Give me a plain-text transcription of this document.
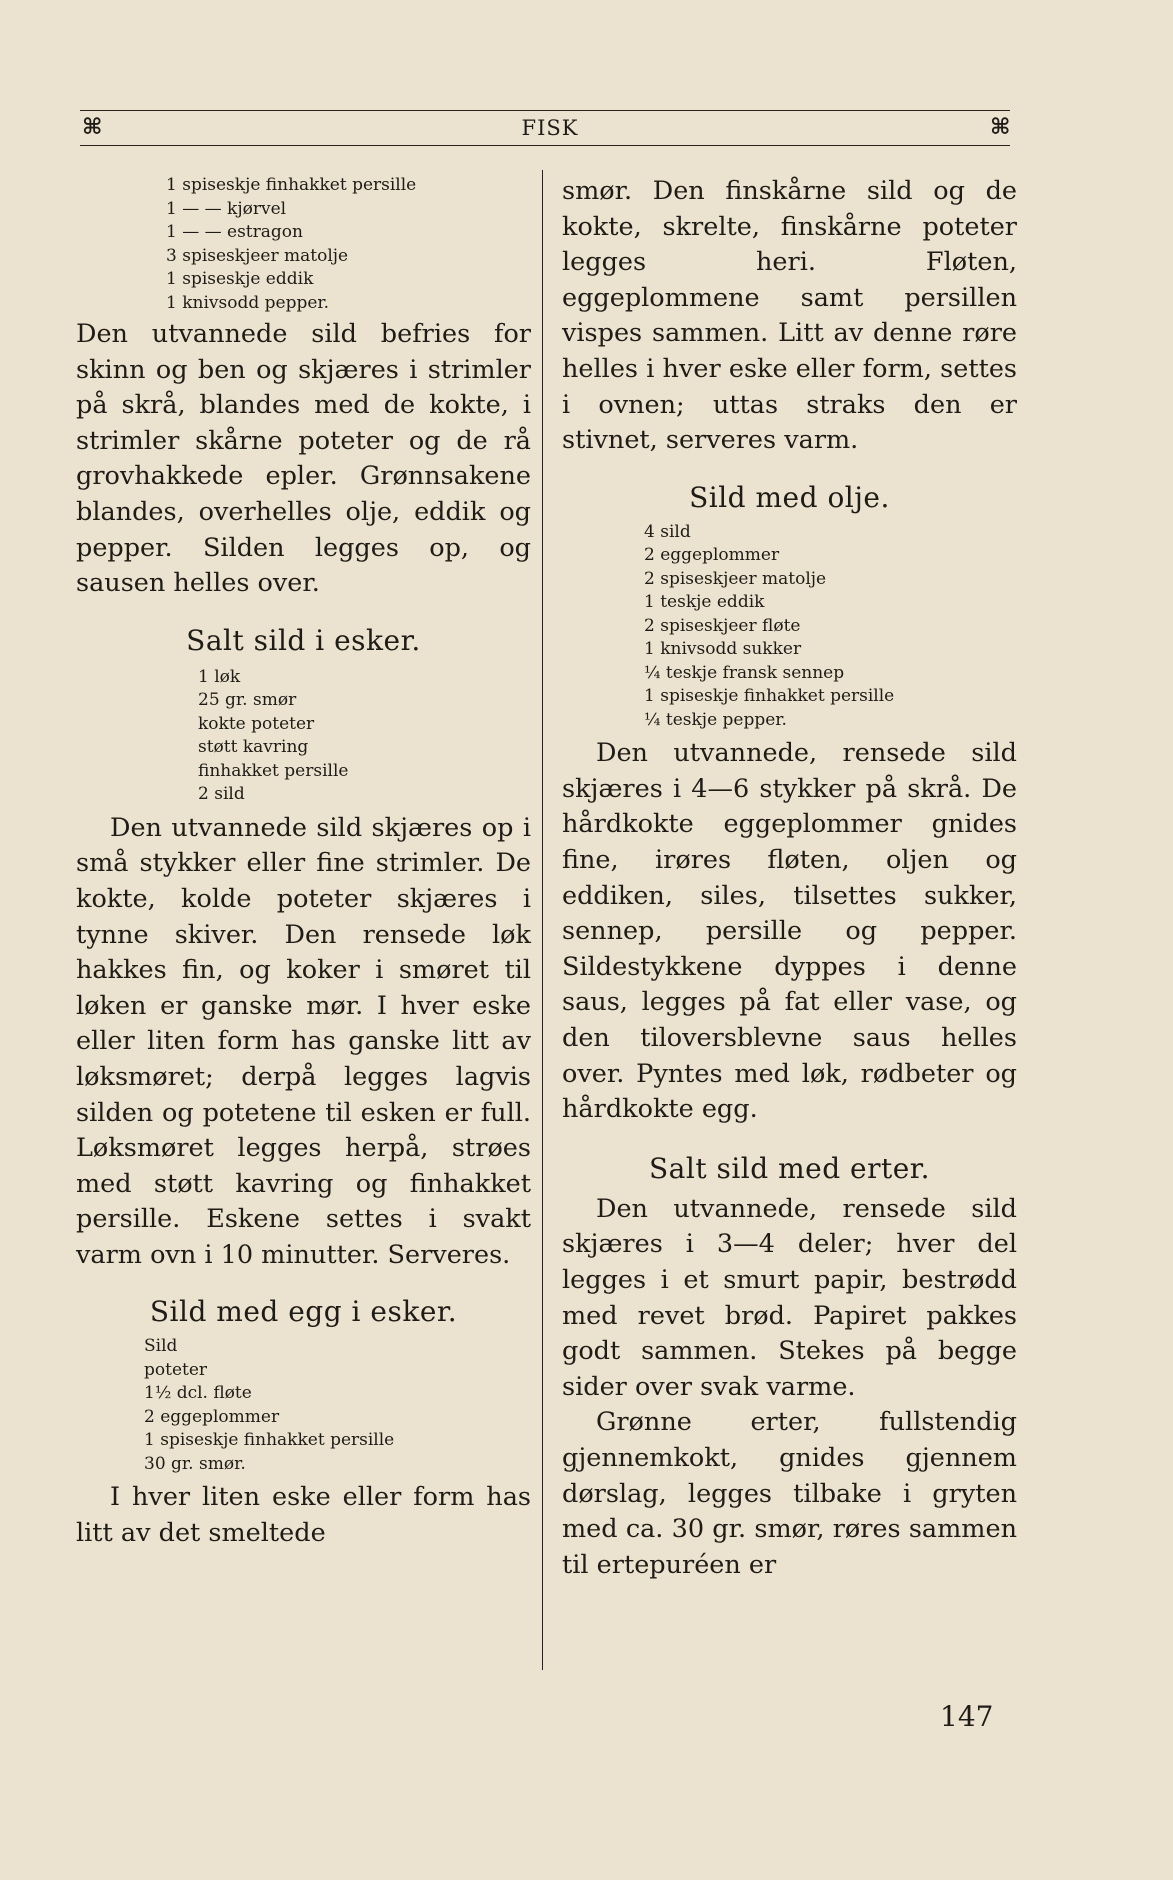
⌘	FISK	⌘
1 spiseskje finhakket persille
1 — — kjørvel
1 — — estragon
3 spiseskjeer matolje
1 spiseskje eddik
1 knivsodd pepper.

Den utvannede sild befries for skinn og ben og skjæres i strimler på skrå, blandes med de kokte, i strimler skårne poteter og de rå grovhakkede epler. Grønnsakene blandes, overhelles olje, eddik og pepper. Silden legges op, og sausen helles over.

Salt sild i esker.
1 løk
25 gr. smør
kokte poteter
støtt kavring
finhakket persille
2 sild

Den utvannede sild skjæres op i små stykker eller fine strimler. De kokte, kolde poteter skjæres i tynne skiver. Den rensede løk hakkes fin, og koker i smøret til løken er ganske mør. I hver eske eller liten form has ganske litt av løksmøret; derpå legges lagvis silden og potetene til esken er full. Løksmøret legges herpå, strøes med støtt kavring og finhakket persille. Eskene settes i svakt varm ovn i 10 minutter. Serveres.

Sild med egg i esker.
Sild
poteter
1½ dcl. fløte
2 eggeplommer
1 spiseskje finhakket persille
30 gr. smør.

I hver liten eske eller form has litt av det smeltede

smør. Den finskårne sild og de kokte, skrelte, finskårne poteter legges heri. Fløten, eggeplommene samt persillen vispes sammen. Litt av denne røre helles i hver eske eller form, settes i ovnen; uttas straks den er stivnet, serveres varm.

Sild med olje.
4 sild
2 eggeplommer
2 spiseskjeer matolje
1 teskje eddik
2 spiseskjeer fløte
1 knivsodd sukker
¼ teskje fransk sennep
1 spiseskje finhakket persille
¼ teskje pepper.

Den utvannede, rensede sild skjæres i 4—6 stykker på skrå. De hårdkokte eggeplommer gnides fine, irøres fløten, oljen og eddiken, siles, tilsettes sukker, sennep, persille og pepper. Sildestykkene dyppes i denne saus, legges på fat eller vase, og den tiloversblevne saus helles over. Pyntes med løk, rødbeter og hårdkokte egg.

Salt sild med erter.

Den utvannede, rensede sild skjæres i 3—4 deler; hver del legges i et smurt papir, bestrødd med revet brød. Papiret pakkes godt sammen. Stekes på begge sider over svak varme.

Grønne erter, fullstendig gjennemkokt, gnides gjennem dørslag, legges tilbake i gryten med ca. 30 gr. smør, røres sammen til ertepuréen er

147
